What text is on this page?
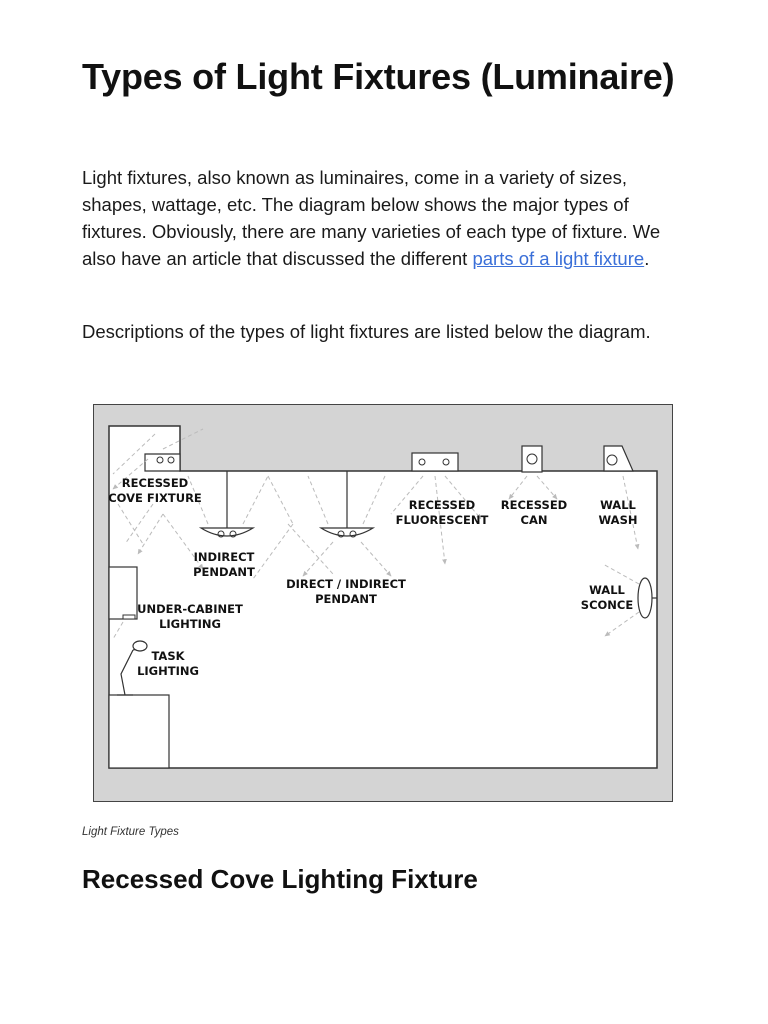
Types of Light Fixtures (Luminaire)

Light fixtures, also known as luminaires, come in a variety of sizes, shapes, wattage, etc. The diagram below shows the major types of fixtures. Obviously, there are many varieties of each type of fixture. We also have an article that discussed the different parts of a light fixture.

Descriptions of the types of light fixtures are listed below the diagram.

Light Fixture Types

Recessed Cove Lighting Fixture
RECESSED
COVE FIXTURE
INDIRECT
PENDANT
DIRECT / INDIRECT
PENDANT
RECESSED
FLUORESCENT
RECESSED
CAN
WALL
WASH
WALL
SCONCE
UNDER-CABINET
LIGHTING
TASK
LIGHTING
